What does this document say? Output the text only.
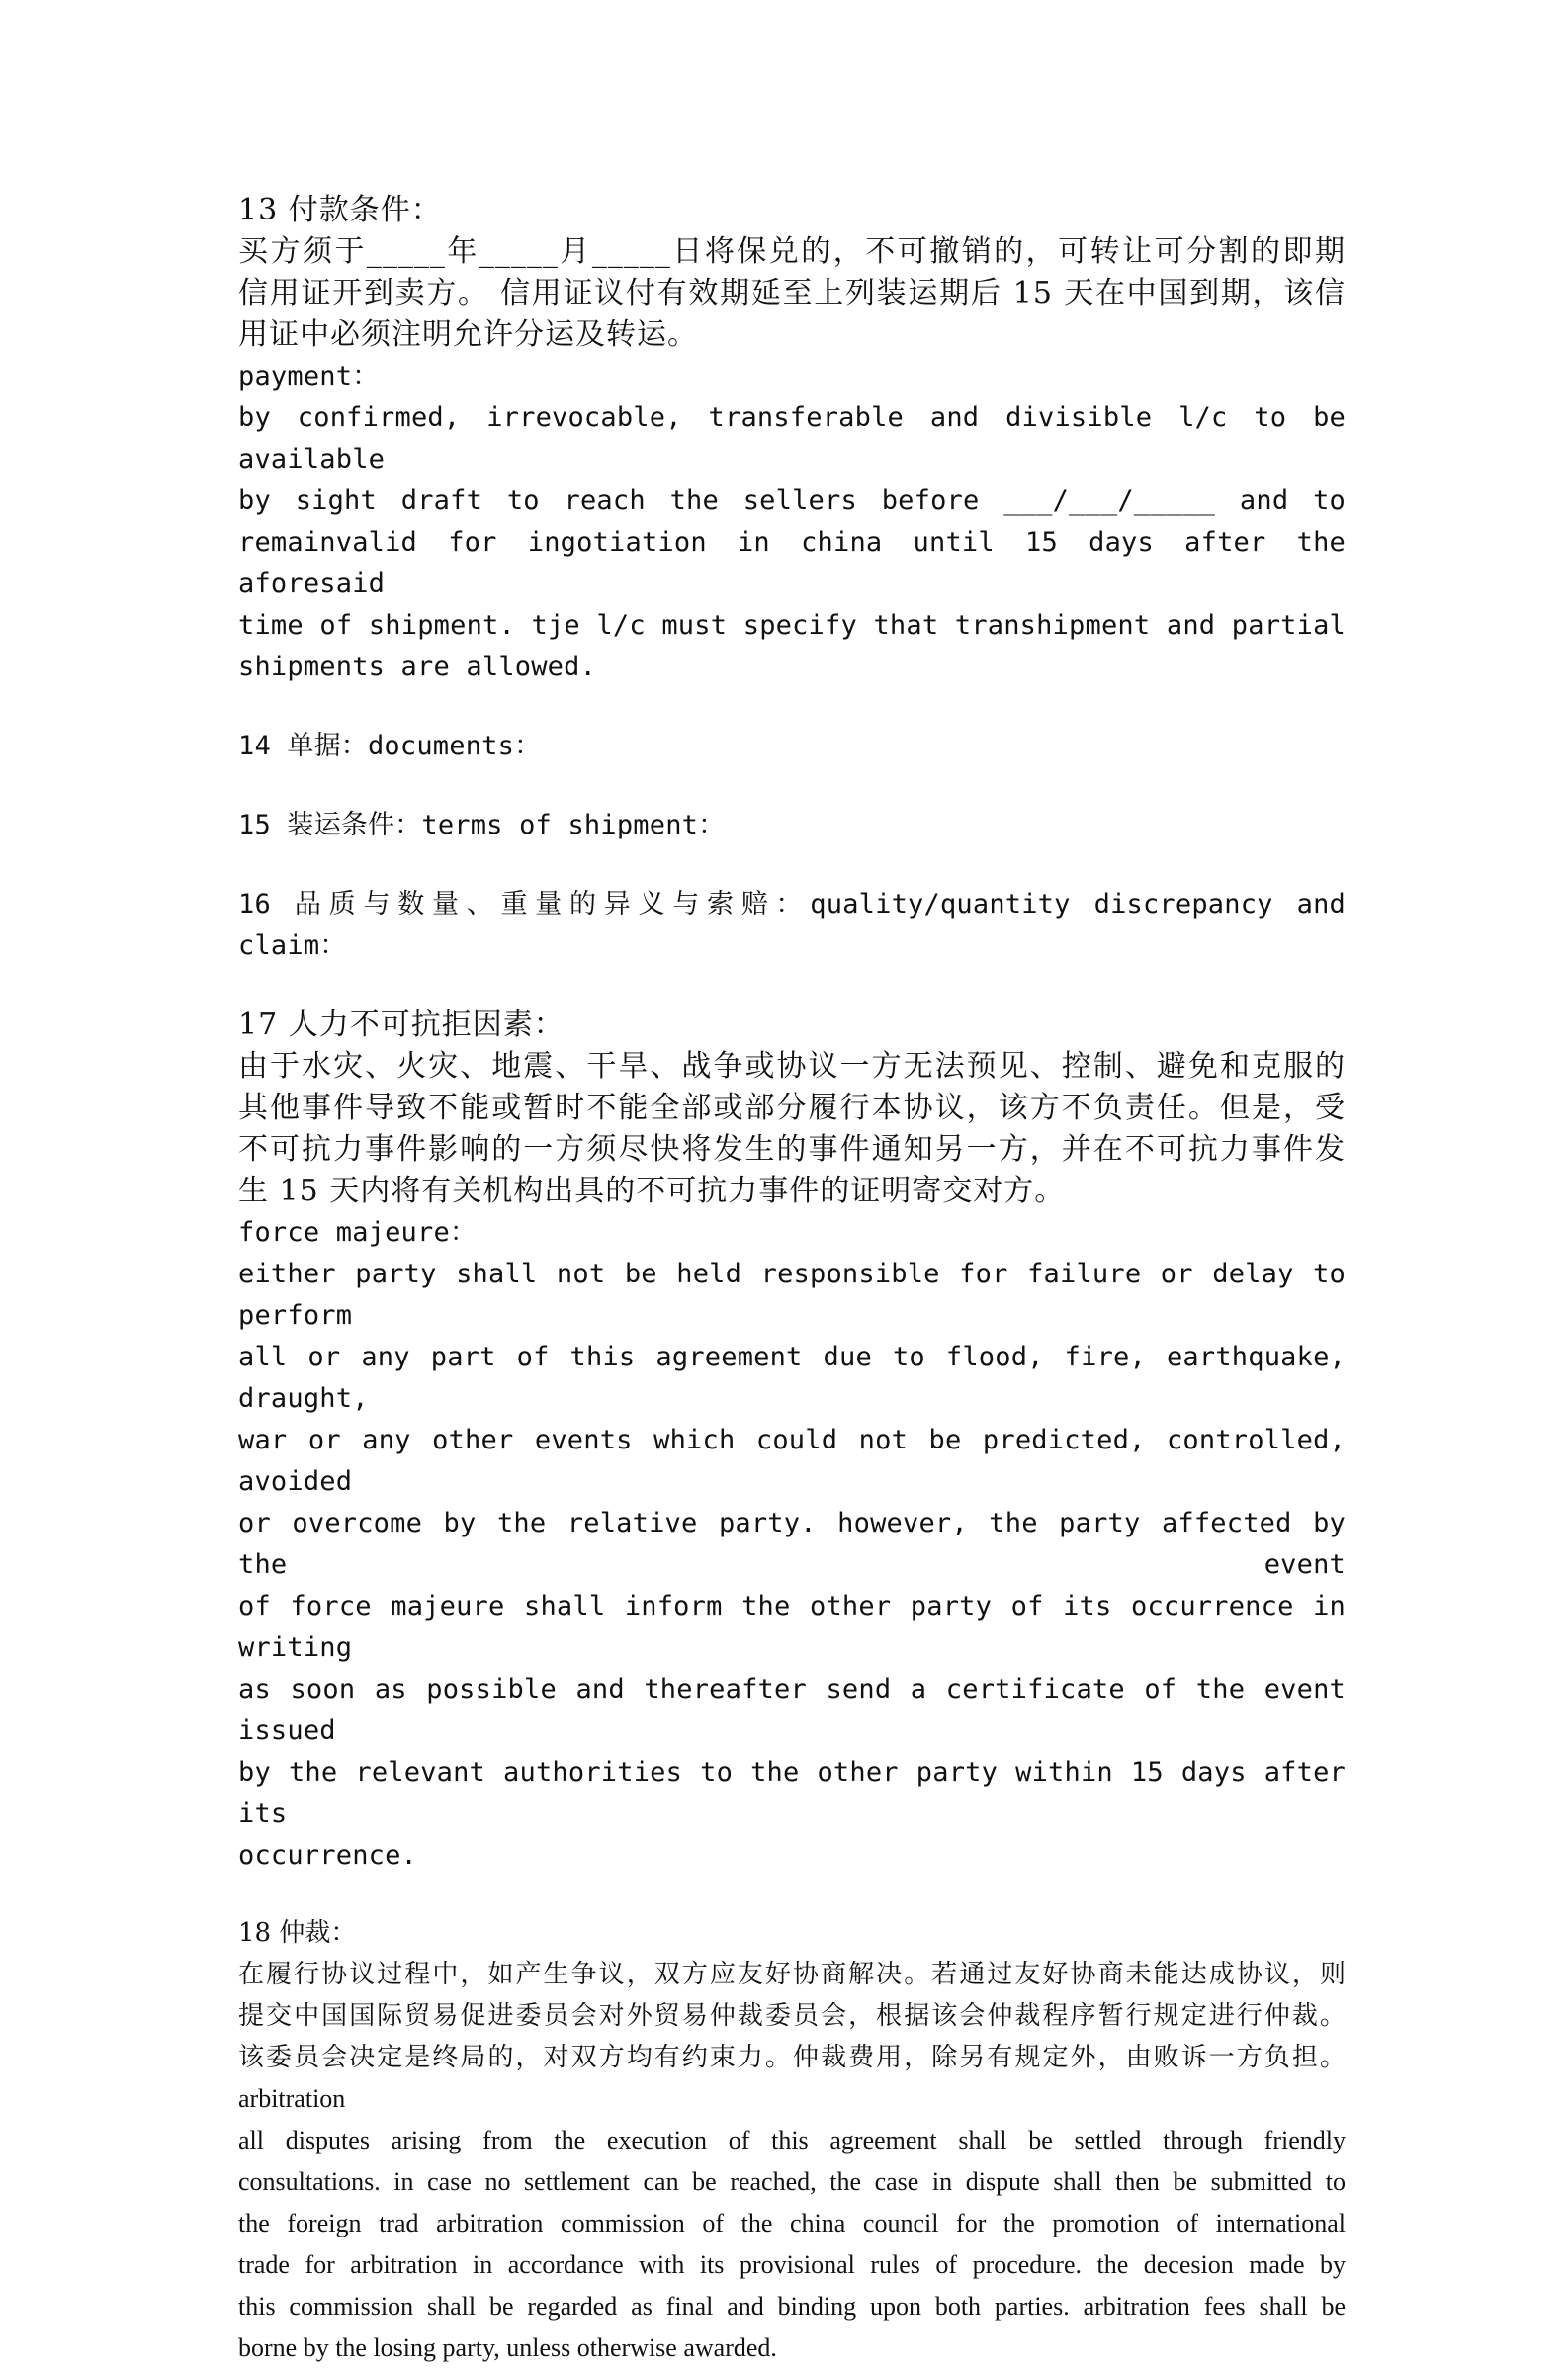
13 付款条件：
买方须于_____年_____月_____日将保兑的，不可撤销的，可转让可分割的即期
信用证开到卖方。 信用证议付有效期延至上列装运期后 15 天在中国到期，该信
用证中必须注明允许分运及转运。
payment：
by confirmed, irrevocable, transferable and divisible l/c to be available
by sight draft to reach the sellers before ___/___/_____ and to
remainvalid for ingotiation in china until 15 days after the aforesaid
time of shipment. tje l/c must specify that transhipment and partial
shipments are allowed.
14 单据：documents：
15 装运条件：terms of shipment：
16 品质与数量、重量的异义与索赔：quality/quantity discrepancy and
claim：
17 人力不可抗拒因素：
由于水灾、火灾、地震、干旱、战争或协议一方无法预见、控制、避免和克服的
其他事件导致不能或暂时不能全部或部分履行本协议，该方不负责任。但是，受
不可抗力事件影响的一方须尽快将发生的事件通知另一方，并在不可抗力事件发
生 15 天内将有关机构出具的不可抗力事件的证明寄交对方。
force majeure：
either party shall not be held responsible for failure or delay to perform
all or any part of this agreement due to flood, fire, earthquake, draught,
war or any other events which could not be predicted, controlled, avoided
or overcome by the relative party. however, the party affected by the event
of force majeure shall inform the other party of its occurrence in writing
as soon as possible and thereafter send a certificate of the event issued
by the relevant authorities to the other party within 15 days after its
occurrence.
18 仲裁：
在履行协议过程中，如产生争议，双方应友好协商解决。若通过友好协商未能达成协议，则
提交中国国际贸易促进委员会对外贸易仲裁委员会，根据该会仲裁程序暂行规定进行仲裁。
该委员会决定是终局的，对双方均有约束力。仲裁费用，除另有规定外，由败诉一方负担。
arbitration
all disputes arising from the execution of this agreement shall be settled through friendly
consultations. in case no settlement can be reached, the case in dispute shall then be submitted to
the foreign trad arbitration commission of the china council for the promotion of international
trade for arbitration in accordance with its provisional rules of procedure. the decesion made by
this commission shall be regarded as final and binding upon both parties. arbitration fees shall be
borne by the losing party, unless otherwise awarded.
